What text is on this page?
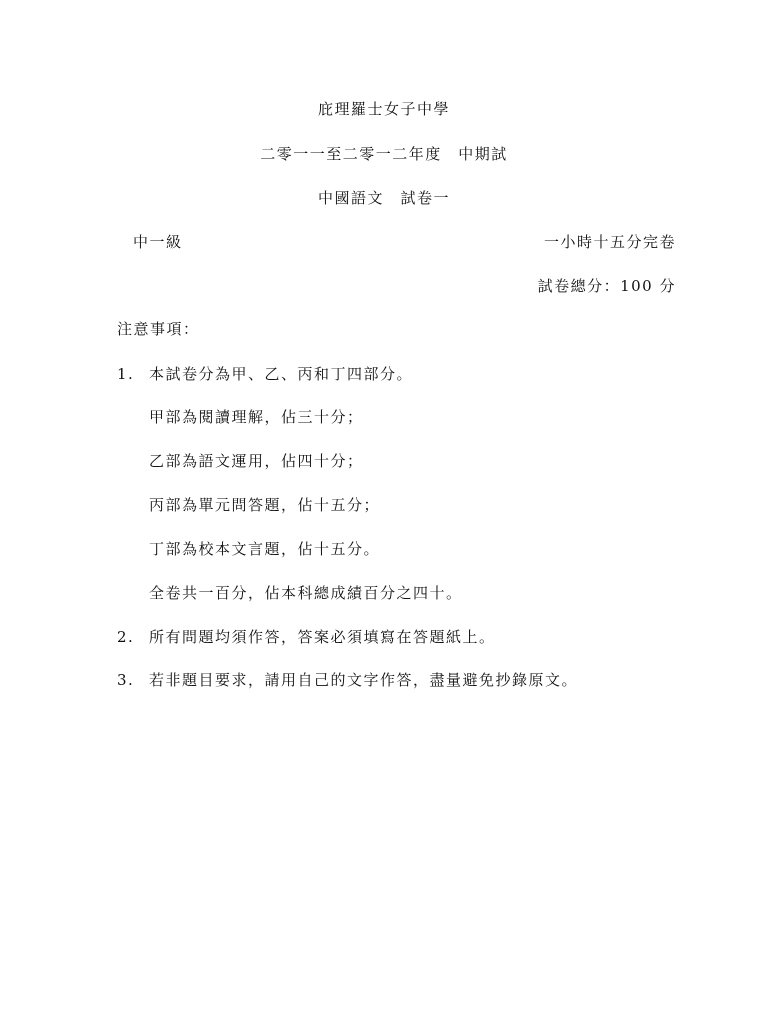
庇理羅士女子中學
二零一一至二零一二年度　中期試
中國語文　試卷一
中一級	一小時十五分完卷
試卷總分：100 分
注意事項：
1. 本試卷分為甲、乙、丙和丁四部分。
甲部為閱讀理解，佔三十分；
乙部為語文運用，佔四十分；
丙部為單元問答題，佔十五分；
丁部為校本文言題，佔十五分。
全卷共一百分，佔本科總成績百分之四十。
2. 所有問題均須作答，答案必須填寫在答題紙上。
3. 若非題目要求，請用自己的文字作答，盡量避免抄錄原文。
